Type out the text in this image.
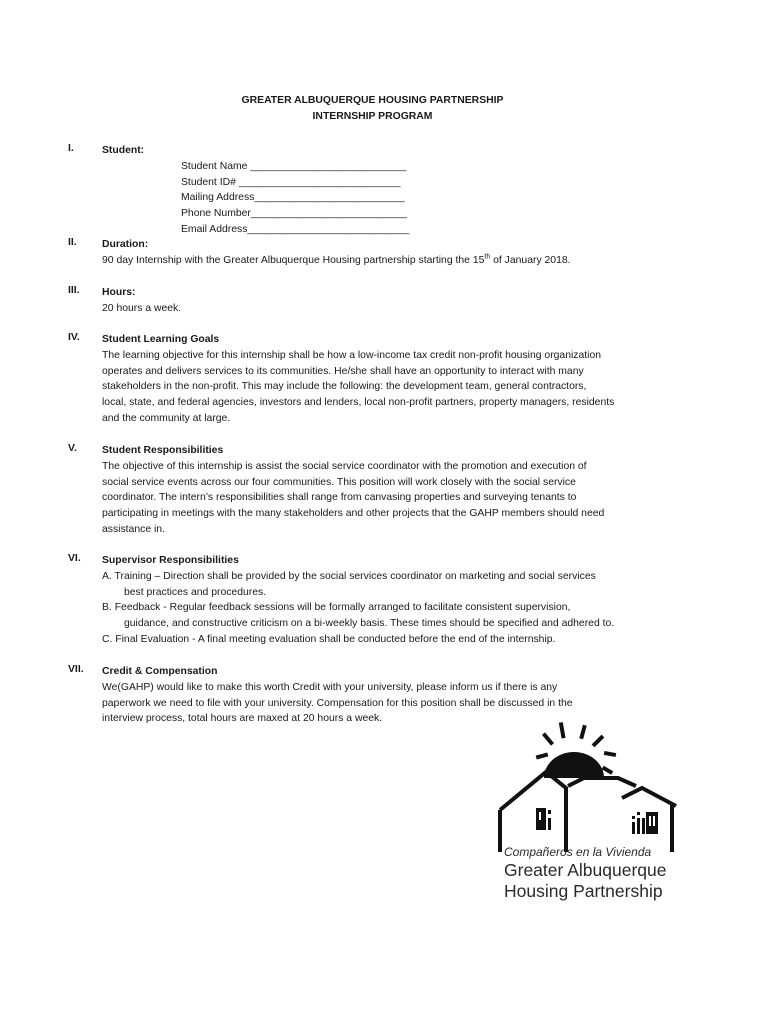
GREATER ALBUQUERQUE HOUSING PARTNERSHIP
INTERNSHIP PROGRAM
I.	Student:
Student Name ___________________________
Student ID# ____________________________
Mailing Address__________________________
Phone Number___________________________
Email Address____________________________
II. Duration:
90 day Internship with the Greater Albuquerque Housing partnership starting the 15th of January 2018.
III. Hours:
20 hours a week.
IV. Student Learning Goals
The learning objective for this internship shall be how a low-income tax credit non-profit housing organization
operates and delivers services to its communities. He/she shall have an opportunity to interact with many
stakeholders in the non-profit. This may include the following: the development team, general contractors,
local, state, and federal agencies, investors and lenders, local non-profit partners, property managers, residents
and the community at large.
V. Student Responsibilities
The objective of this internship is assist the social service coordinator with the promotion and execution of
social service events across our four communities. This position will work closely with the social service
coordinator. The intern’s responsibilities shall range from canvasing properties and surveying tenants to
participating in meetings with the many stakeholders and other projects that the GAHP members should need
assistance in.
VI. Supervisor Responsibilities
A. Training – Direction shall be provided by the social services coordinator on marketing and social services
best practices and procedures.
B. Feedback - Regular feedback sessions will be formally arranged to facilitate consistent supervision,
guidance, and constructive criticism on a bi-weekly basis. These times should be specified and adhered to.
C. Final Evaluation - A final meeting evaluation shall be conducted before the end of the internship.
VII. Credit & Compensation
We(GAHP) would like to make this worth Credit with your university, please inform us if there is any
paperwork we need to file with your university. Compensation for this position shall be discussed in the
interview process, total hours are maxed at 20 hours a week.
Compañeros en la Vivienda
Greater Albuquerque
Housing Partnership
